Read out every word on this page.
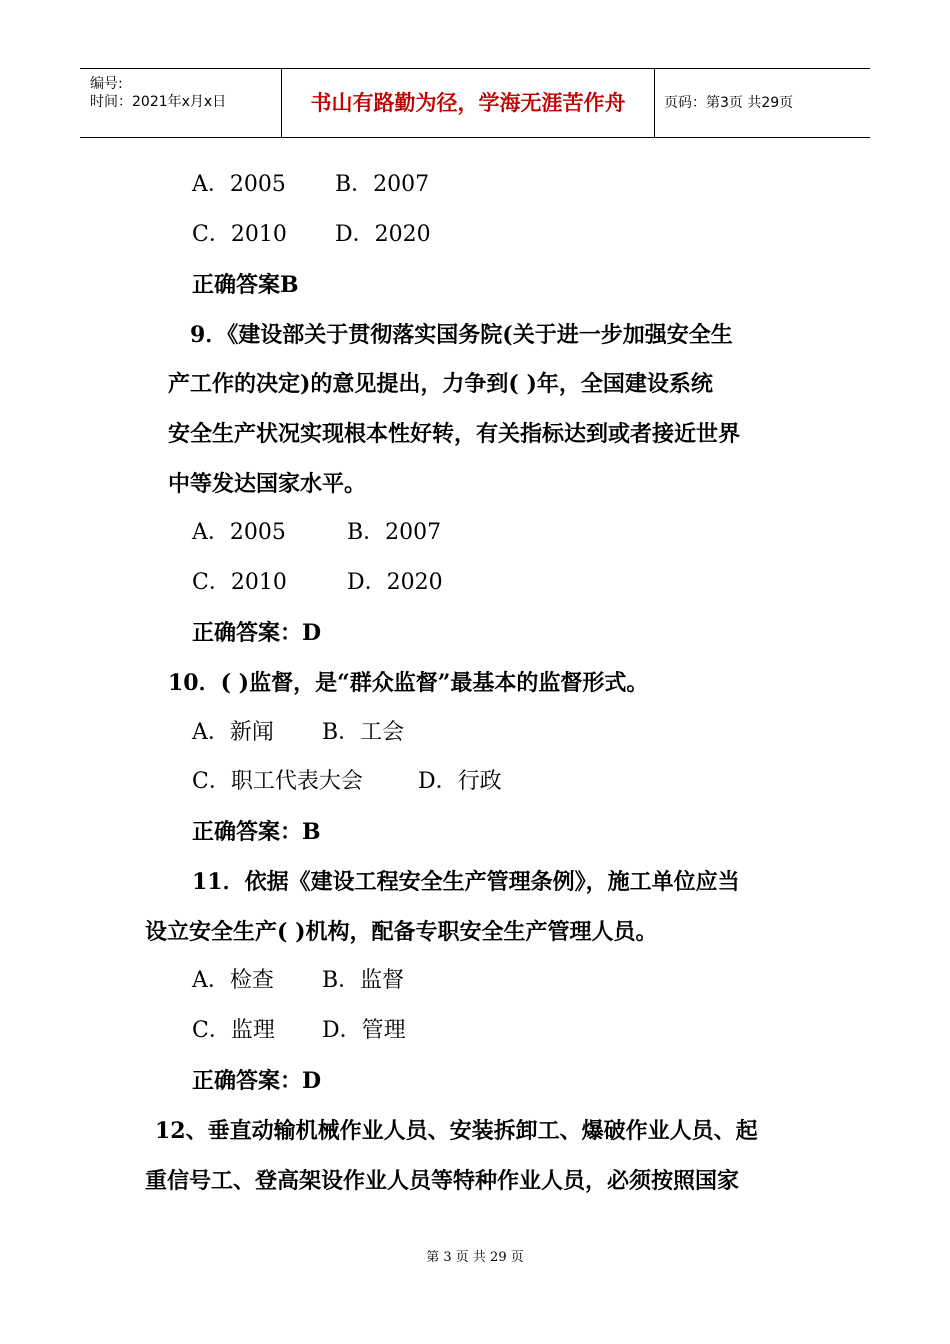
编号:
时间：2021年x月x日	书山有路勤为径，学海无涯苦作舟	页码：第3页 共29页
A．2005 B．2007
C．2010 D．2020
正确答案B
9．《建设部关于贯彻落实国务院(关于进一步加强安全生
产工作的决定)的意见提出，力争到( )年，全国建设系统
安全生产状况实现根本性好转，有关指标达到或者接近世界
中等发达国家水平。
A．2005	B．2007
C．2010	D．2020
正确答案：D
10．( )监督，是“群众监督”最基本的监督形式。
A．新闻 B．工会
C．职工代表大会	D．行政
正确答案：B
11．依据《建设工程安全生产管理条例》，施工单位应当
设立安全生产( )机构，配备专职安全生产管理人员。
A．检查 B．监督
C．监理 D．管理
正确答案：D
12、垂直动输机械作业人员、安装拆卸工、爆破作业人员、起
重信号工、登高架设作业人员等特种作业人员，必须按照国家
第 3 页 共 29 页
